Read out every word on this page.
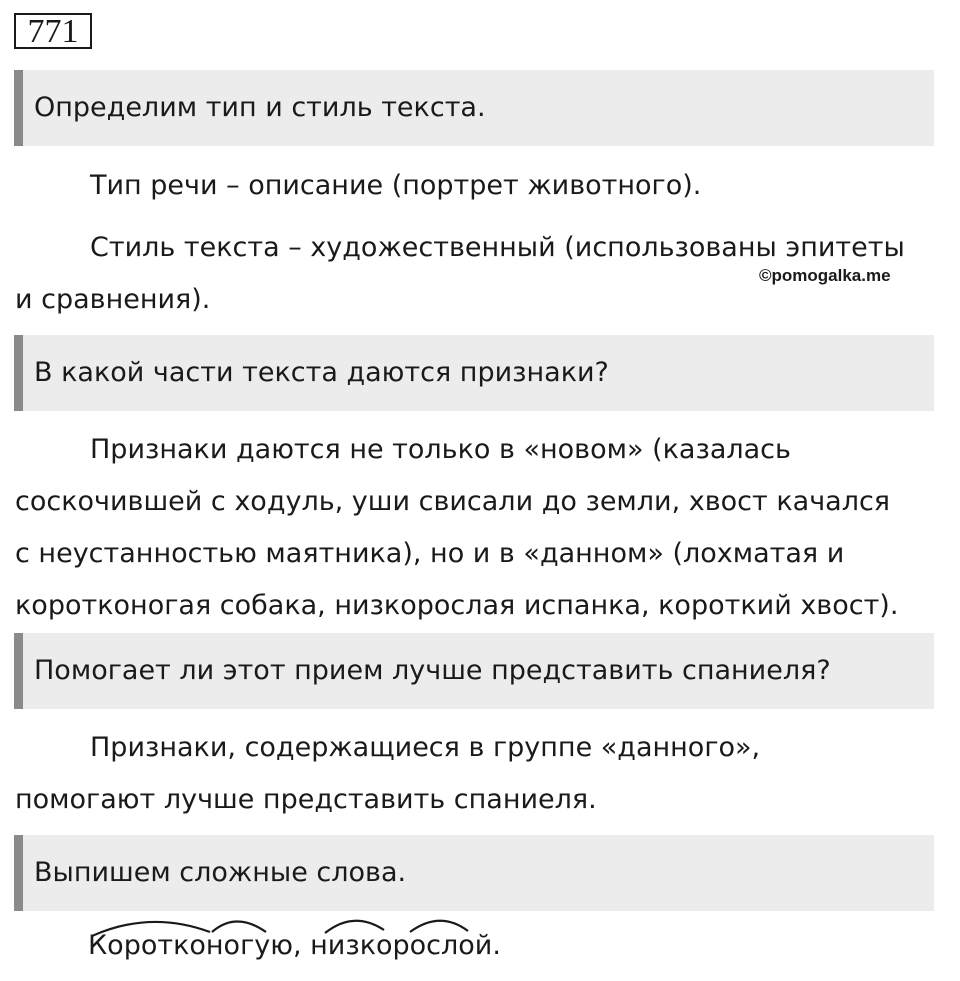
771
Определим тип и стиль текста.

Тип речи – описание (портрет животного).

Стиль текста – художественный (использованы эпитеты
и сравнения).

©pomogalka.me
В какой части текста даются признаки?

Признаки даются не только в «новом» (казалась
соскочившей с ходуль, уши свисали до земли, хвост качался
с неустанностью маятника), но и в «данном» (лохматая и
коротконогая собака, низкорослая испанка, короткий хвост).

Помогает ли этот прием лучше представить спаниеля?

Признаки, содержащиеся в группе «данного»,
помогают лучше представить спаниеля.

Выпишем сложные слова.
Коротконогую, низкорослой.
